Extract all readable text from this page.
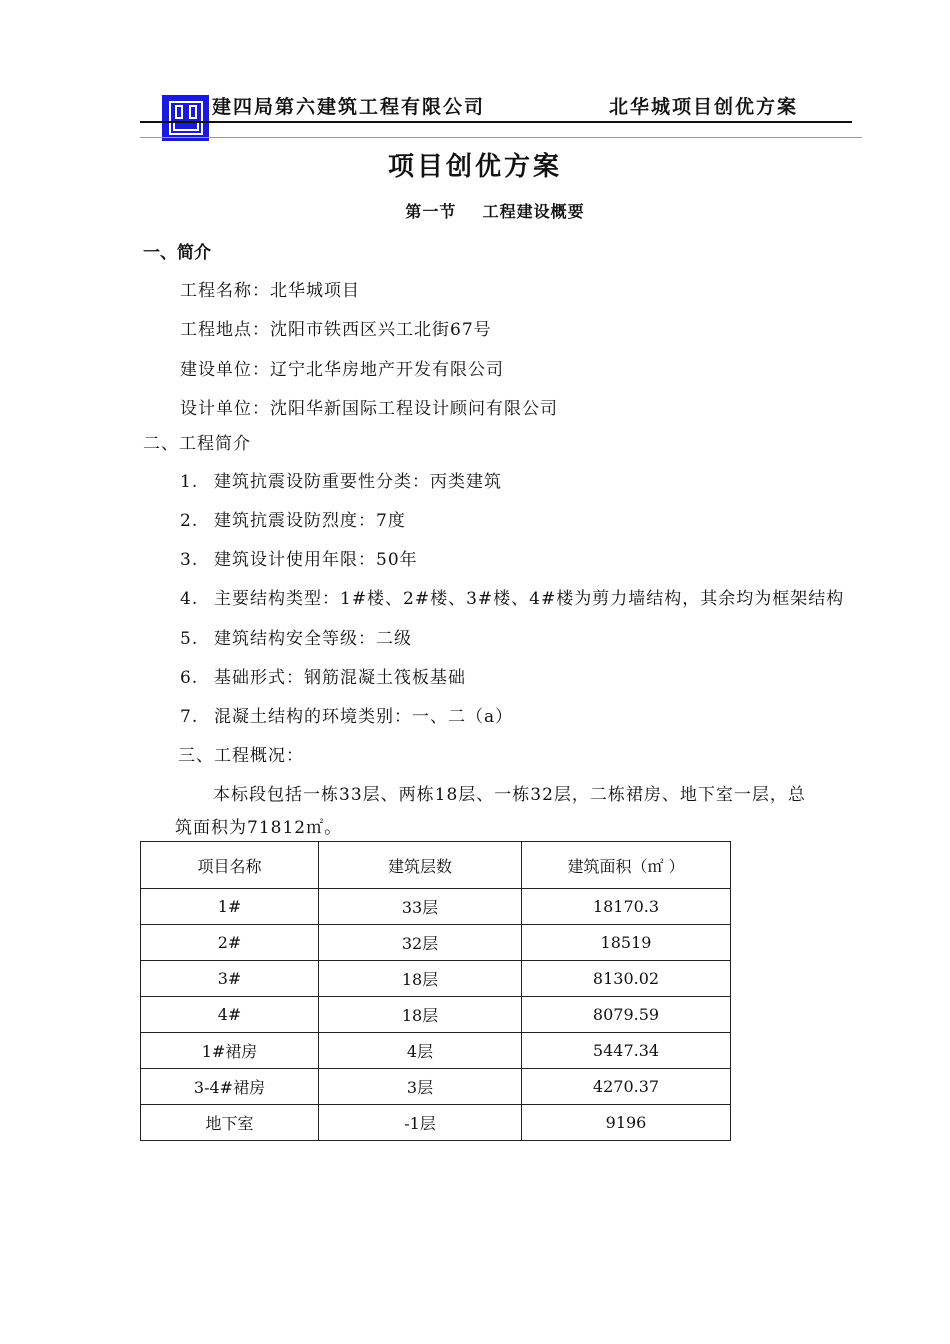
建四局第六建筑工程有限公司	北华城项目创优方案
项目创优方案
第一节    工程建设概要
一、简介
工程名称：北华城项目
工程地点：沈阳市铁西区兴工北街67号
建设单位：辽宁北华房地产开发有限公司
设计单位：沈阳华新国际工程设计顾问有限公司
二、工程简介
1. 建筑抗震设防重要性分类：丙类建筑
2. 建筑抗震设防烈度：7度
3. 建筑设计使用年限：50年
4. 主要结构类型：1#楼、2#楼、3#楼、4#楼为剪力墙结构，其余均为框架结构
5. 建筑结构安全等级：二级
6. 基础形式：钢筋混凝土筏板基础
7. 混凝土结构的环境类别：一、二（a）
三、工程概况：
本标段包括一栋33层、两栋18层、一栋32层，二栋裙房、地下室一层，总
筑面积为71812㎡。
项目名称	建筑层数	建筑面积（㎡ ）
1#	33层	18170.3
2#	32层	18519
3#	18层	8130.02
4#	18层	8079.59
1#裙房	4层	5447.34
3-4#裙房	3层	4270.37
地下室	-1层	9196
